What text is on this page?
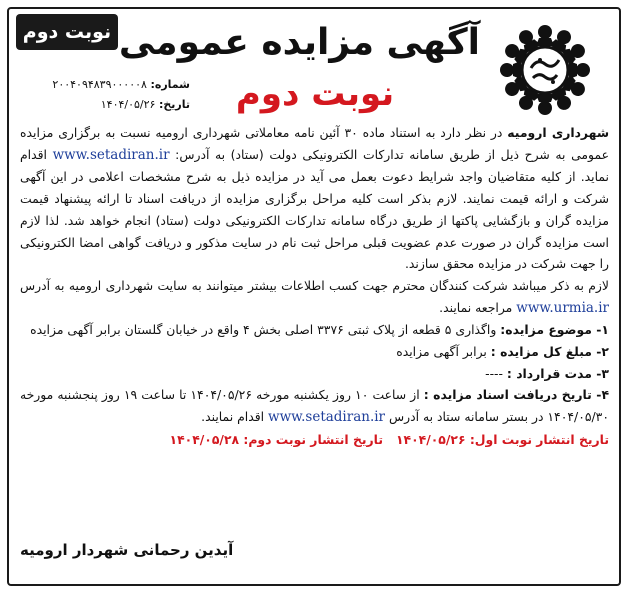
نوبت دوم آگهی مزایده عمومی
نوبت دوم
شماره: ۲۰۰۴۰۹۴۸۳۹۰۰۰۰۰۸
تاریخ: ۱۴۰۴/۰۵/۲۶

شهرداری ارومیه در نظر دارد به استناد ماده ۳۰ آئین نامه معاملاتی شهرداری ارومیه نسبت به برگزاری مزایده عمومی به شرح ذیل از طریق سامانه تدارکات الکترونیکی دولت (ستاد) به آدرس: www.setadiran.ir اقدام نماید. از کلیه متقاضیان واجد شرایط دعوت بعمل می آید در مزایده ذیل به شرح مشخصات اعلامی در این آگهی شرکت و ارائه قیمت نمایند. لازم بذکر است کلیه مراحل برگزاری مزایده از دریافت اسناد تا ارائه پیشنهاد قیمت مزایده گران و بازگشایی پاکتها از طریق درگاه سامانه تدارکات الکترونیکی دولت (ستاد) انجام خواهد شد. لذا لازم است مزایده گران در صورت عدم عضویت قبلی مراحل ثبت نام در سایت مذکور و دریافت گواهی امضا الکترونیکی را جهت شرکت در مزایده محقق سازند.

لازم به ذکر میباشد شرکت کنندگان محترم جهت کسب اطلاعات بیشتر میتوانند به سایت شهرداری ارومیه به آدرس www.urmia.ir مراجعه نمایند.

۱- موضوع مزایده: واگذاری ۵ قطعه از پلاک ثبتی ۳۳۷۶ اصلی بخش ۴ واقع در خیابان گلستان برابر آگهی مزایده

۲- مبلغ کل مزایده : برابر آگهی مزایده

۳- مدت قرارداد : ----

۴- تاریخ دریافت اسناد مزایده : از ساعت ۱۰ روز یکشنبه مورخه ۱۴۰۴/۰۵/۲۶ تا ساعت ۱۹ روز پنجشنبه مورخه ۱۴۰۴/۰۵/۳۰ در بستر سامانه ستاد به آدرس www.setadiran.ir اقدام نمایند.

تاریخ انتشار نوبت اول: ۱۴۰۴/۰۵/۲۶   تاریخ انتشار نوبت دوم: ۱۴۰۴/۰۵/۲۸

آیدین رحمانی شهردار ارومیه
